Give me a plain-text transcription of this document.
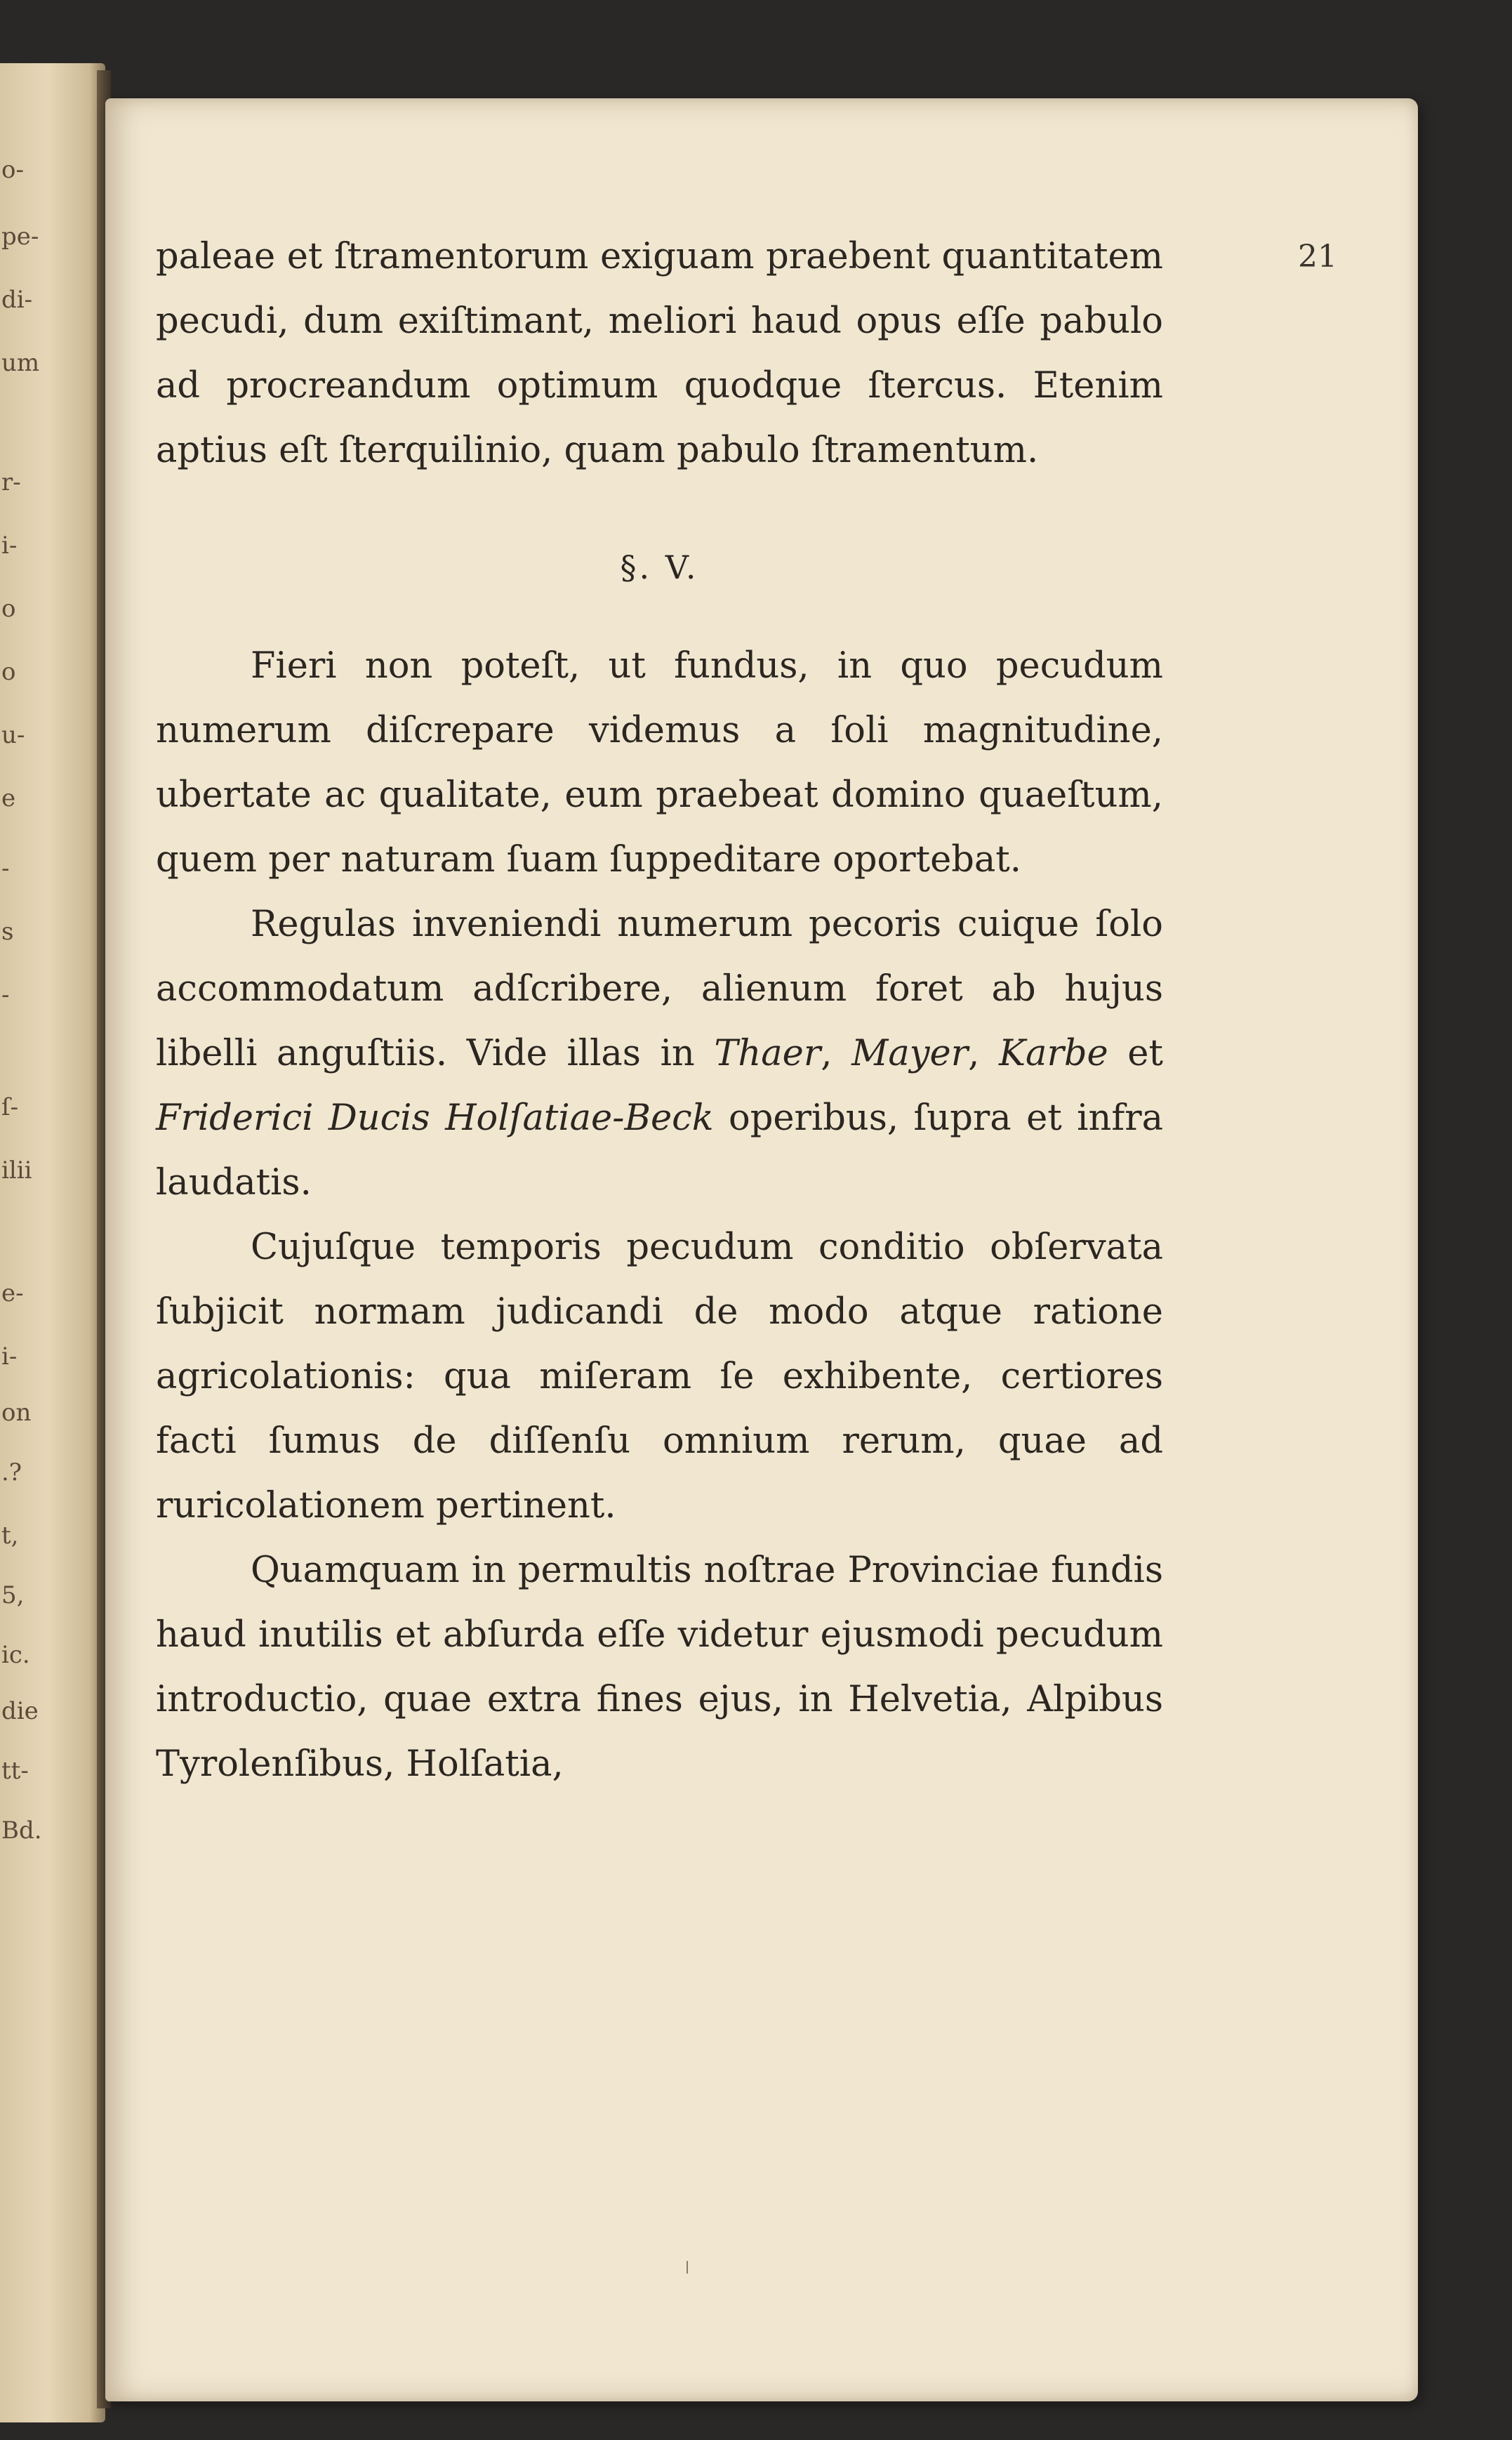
o-
pe-
di-
um
r-
i-
o
o
u-
e
-
s
-
ſ-
ilii
e-
i-
on
.?
t,
5,
ic.
die
tt-
Bd.
21

paleae et ſtramentorum exiguam praebent quantitatem pecudi, dum exiſtimant, meliori haud opus eſſe pabulo ad procreandum optimum quodque ſtercus. Etenim aptius eſt ſterquilinio, quam pabulo ſtramentum.

§. V.

Fieri non poteſt, ut fundus, in quo pecudum numerum diſcrepare videmus a ſoli magnitudine, ubertate ac qualitate, eum praebeat domino quaeſtum, quem per naturam ſuam ſuppeditare oportebat.

Regulas inveniendi numerum pecoris cuique ſolo accommodatum adſcribere, alienum foret ab hujus libelli anguſtiis. Vide illas in Thaer, Mayer, Karbe et Friderici Ducis Holſatiae-Beck operibus, ſupra et infra laudatis.

Cujuſque temporis pecudum conditio obſervata ſubjicit normam judicandi de modo atque ratione agricolationis: qua miſeram ſe exhibente, certiores facti ſumus de diſſenſu omnium rerum, quae ad ruricolationem pertinent.

Quamquam in permultis noſtrae Provinciae fundis haud inutilis et abſurda eſſe videtur ejusmodi pecudum introductio, quae extra fines ejus, in Helvetia, Alpibus Tyrolenſibus, Holſatia,
